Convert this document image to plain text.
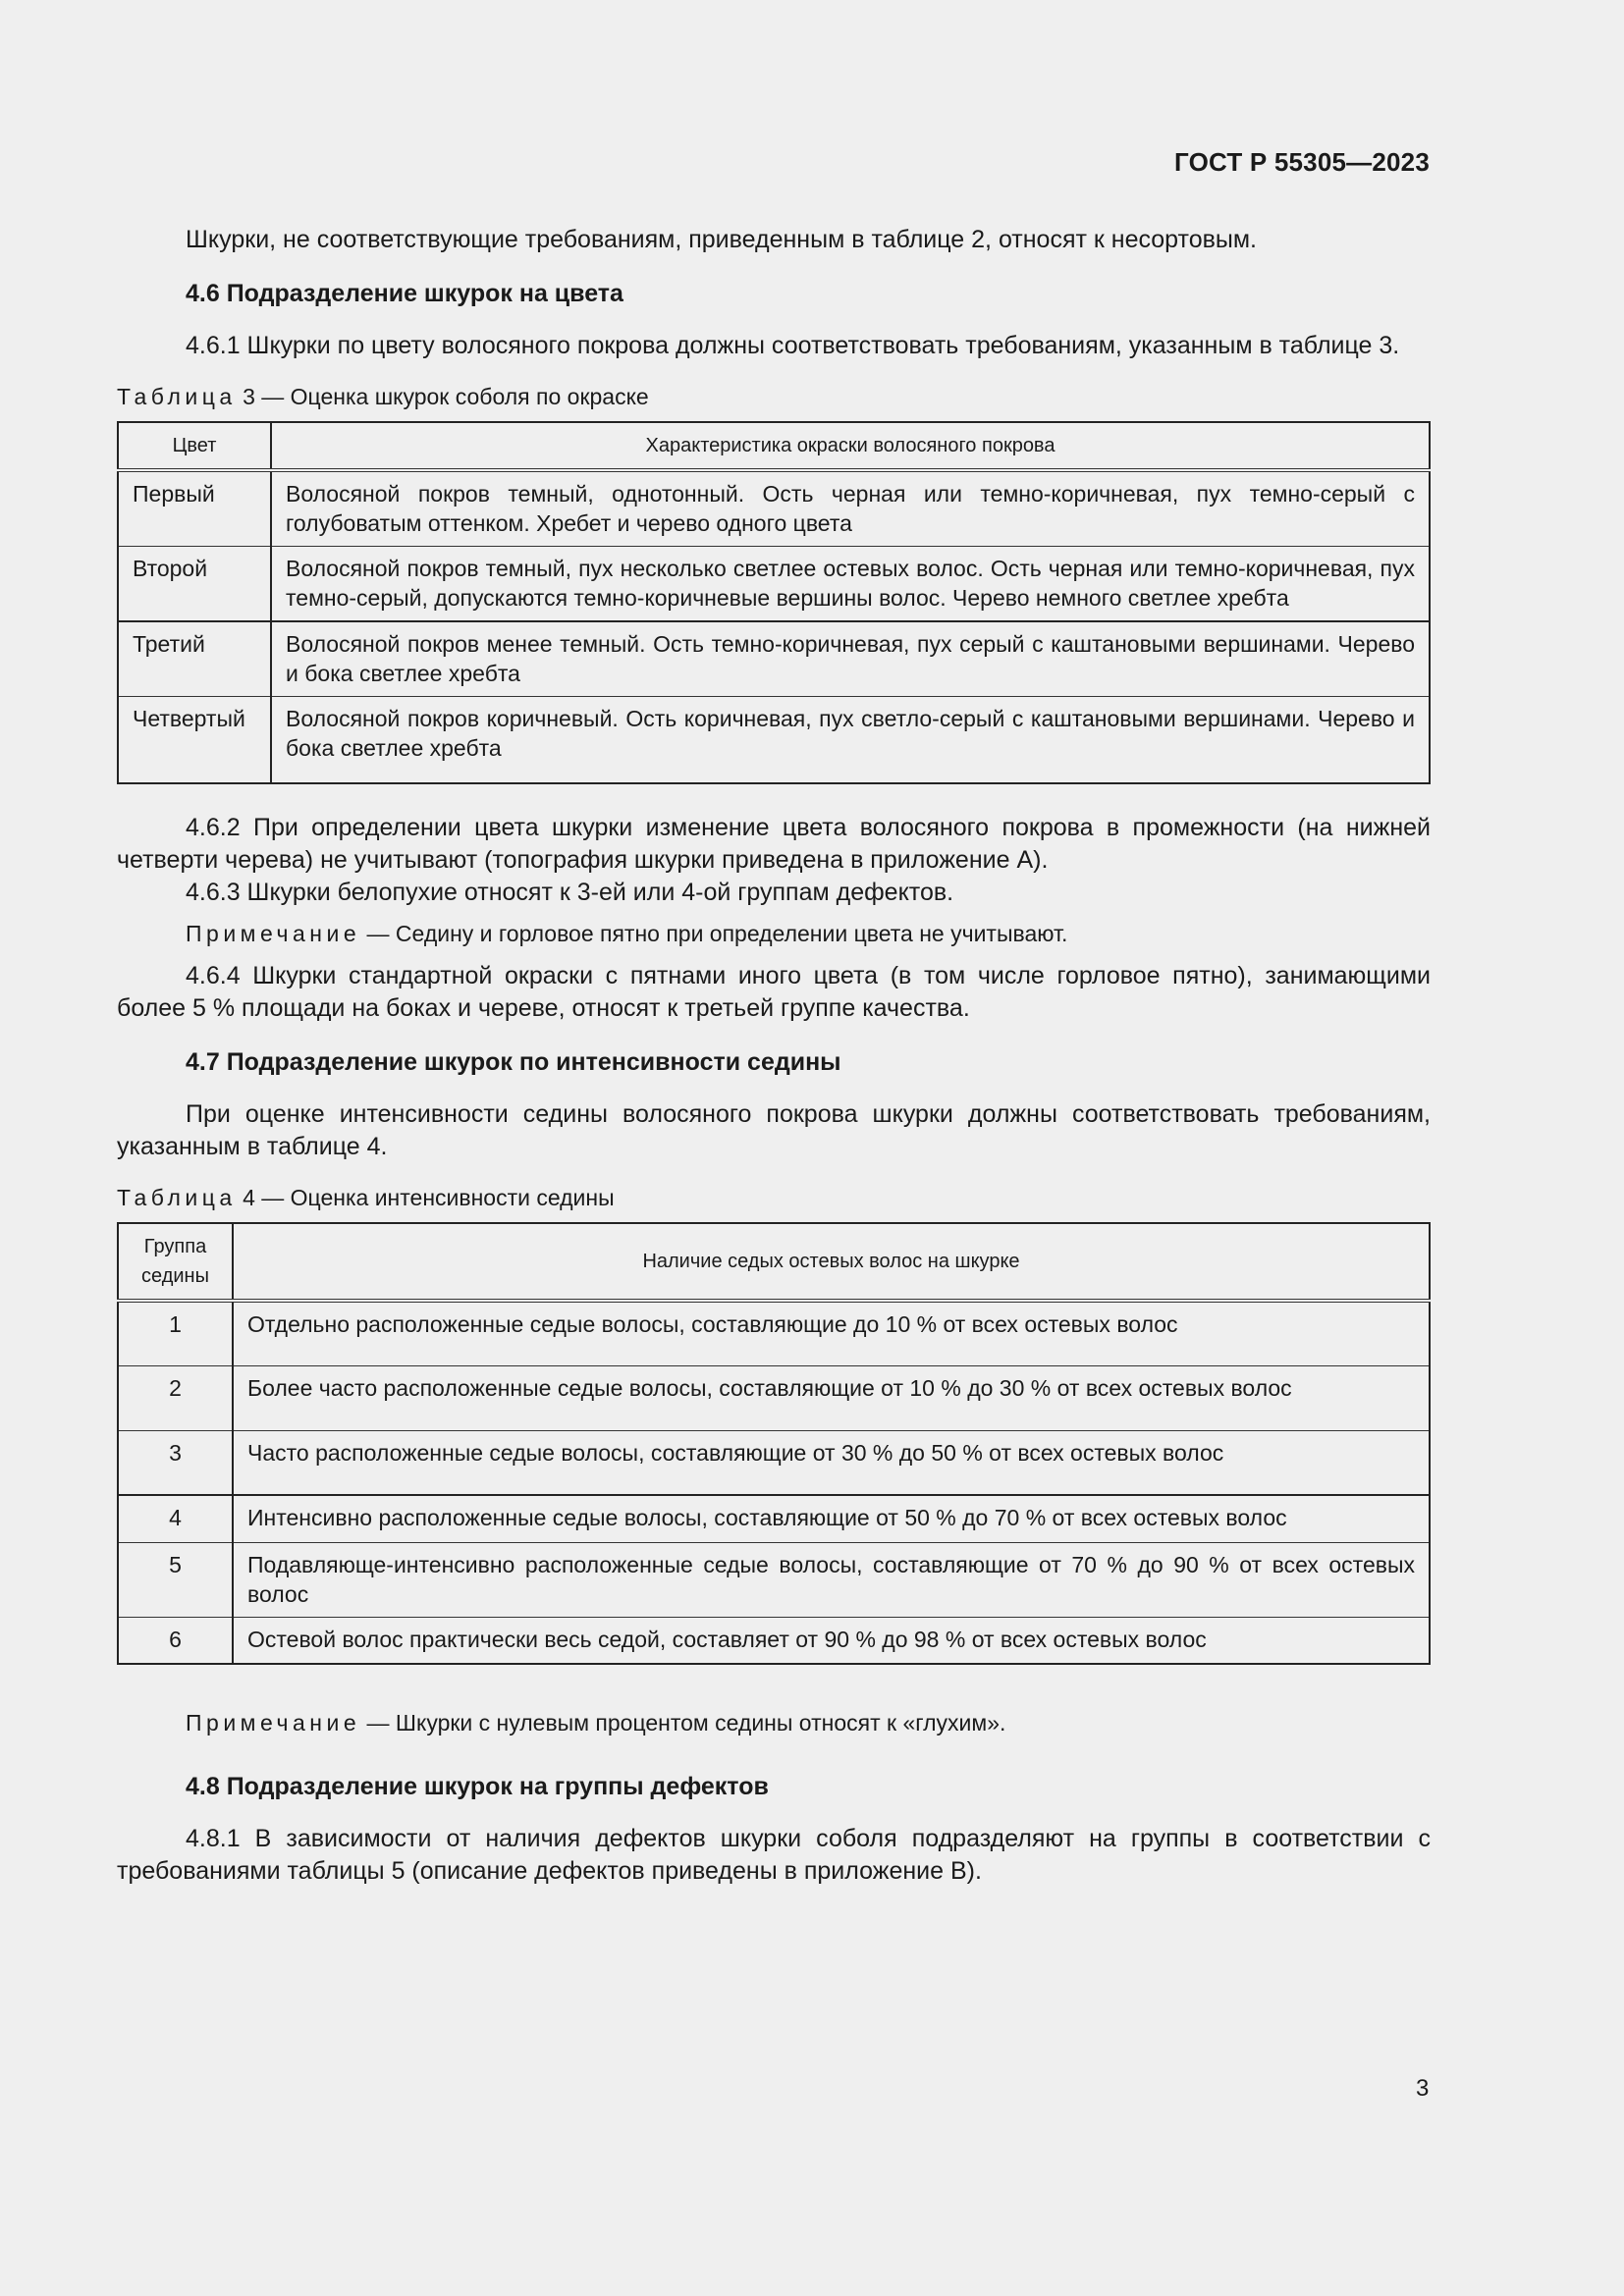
ГОСТ Р 55305—2023

Шкурки, не соответствующие требованиям, приведенным в таблице 2, относят к несортовым.

4.6 Подразделение шкурок на цвета

4.6.1 Шкурки по цвету волосяного покрова должны соответствовать требованиям, указанным в таблице 3.

Таблица 3 — Оценка шкурок соболя по окраске

Цвет	Характеристика окраски волосяного покрова
Первый	Волосяной покров темный, однотонный. Ость черная или темно-коричневая, пух темно-серый с голубоватым оттенком. Хребет и черево одного цвета
Второй	Волосяной покров темный, пух несколько светлее остевых волос. Ость черная или темно-коричневая, пух темно-серый, допускаются темно-коричневые вершины волос. Черево немного светлее хребта
Третий	Волосяной покров менее темный. Ость темно-коричневая, пух серый с каштановыми вершинами. Черево и бока светлее хребта
Четвертый	Волосяной покров коричневый. Ость коричневая, пух светло-серый с каштановыми вершинами. Черево и бока светлее хребта

4.6.2 При определении цвета шкурки изменение цвета волосяного покрова в промежности (на нижней четверти черева) не учитывают (топография шкурки приведена в приложение А).

4.6.3 Шкурки белопухие относят к 3-ей или 4-ой группам дефектов.

Примечание — Седину и горловое пятно при определении цвета не учитывают.

4.6.4 Шкурки стандартной окраски с пятнами иного цвета (в том числе горловое пятно), занимающими более 5 % площади на боках и череве, относят к третьей группе качества.

4.7 Подразделение шкурок по интенсивности седины

При оценке интенсивности седины волосяного покрова шкурки должны соответствовать требованиям, указанным в таблице 4.

Таблица 4 — Оценка интенсивности седины

Группа
седины	Наличие седых остевых волос на шкурке
1	Отдельно расположенные седые волосы, составляющие до 10 % от всех остевых волос
2	Более часто расположенные седые волосы, составляющие от 10 % до 30 % от всех остевых волос
3	Часто расположенные седые волосы, составляющие от 30 % до 50 % от всех остевых волос
4	Интенсивно расположенные седые волосы, составляющие от 50 % до 70 % от всех остевых волос
5	Подавляюще-интенсивно расположенные седые волосы, составляющие от 70 % до 90 % от всех остевых волос
6	Остевой волос практически весь седой, составляет от 90 % до 98 % от всех остевых волос

Примечание — Шкурки с нулевым процентом седины относят к «глухим».

4.8 Подразделение шкурок на группы дефектов

4.8.1 В зависимости от наличия дефектов шкурки соболя подразделяют на группы в соответствии с требованиями таблицы 5 (описание дефектов приведены в приложение В).

3
